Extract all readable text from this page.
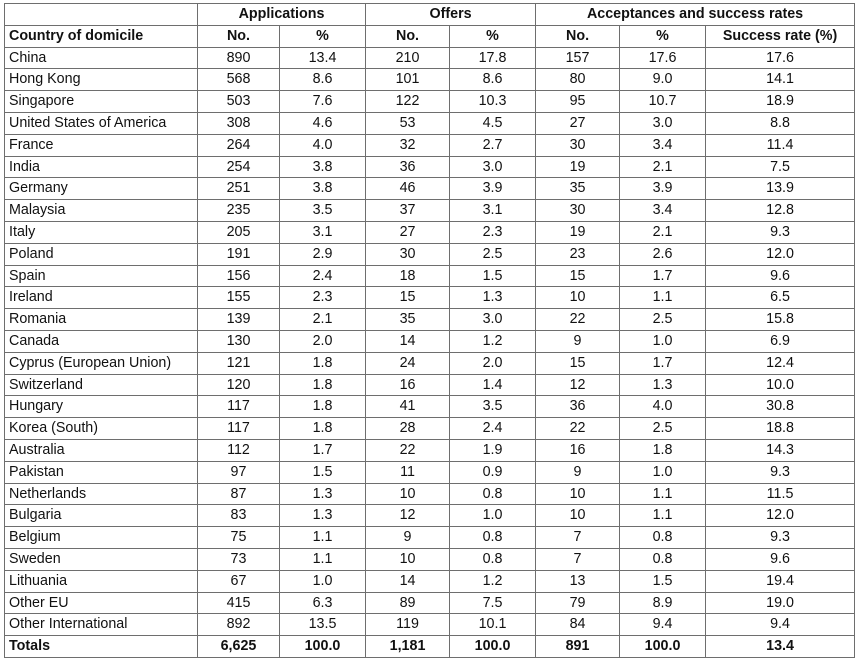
	Applications		Offers		Acceptances and success rates		
Country of domicile	No.	%	No.	%	No.	%	Success rate (%)
China	890	13.4	210	17.8	157	17.6	17.6
Hong Kong	568	8.6	101	8.6	80	9.0	14.1
Singapore	503	7.6	122	10.3	95	10.7	18.9
United States of America	308	4.6	53	4.5	27	3.0	8.8
France	264	4.0	32	2.7	30	3.4	11.4
India	254	3.8	36	3.0	19	2.1	7.5
Germany	251	3.8	46	3.9	35	3.9	13.9
Malaysia	235	3.5	37	3.1	30	3.4	12.8
Italy	205	3.1	27	2.3	19	2.1	9.3
Poland	191	2.9	30	2.5	23	2.6	12.0
Spain	156	2.4	18	1.5	15	1.7	9.6
Ireland	155	2.3	15	1.3	10	1.1	6.5
Romania	139	2.1	35	3.0	22	2.5	15.8
Canada	130	2.0	14	1.2	9	1.0	6.9
Cyprus (European Union)	121	1.8	24	2.0	15	1.7	12.4
Switzerland	120	1.8	16	1.4	12	1.3	10.0
Hungary	117	1.8	41	3.5	36	4.0	30.8
Korea (South)	117	1.8	28	2.4	22	2.5	18.8
Australia	112	1.7	22	1.9	16	1.8	14.3
Pakistan	97	1.5	11	0.9	9	1.0	9.3
Netherlands	87	1.3	10	0.8	10	1.1	11.5
Bulgaria	83	1.3	12	1.0	10	1.1	12.0
Belgium	75	1.1	9	0.8	7	0.8	9.3
Sweden	73	1.1	10	0.8	7	0.8	9.6
Lithuania	67	1.0	14	1.2	13	1.5	19.4
Other EU	415	6.3	89	7.5	79	8.9	19.0
Other International	892	13.5	119	10.1	84	9.4	9.4
Totals	6,625	100.0	1,181	100.0	891	100.0	13.4
